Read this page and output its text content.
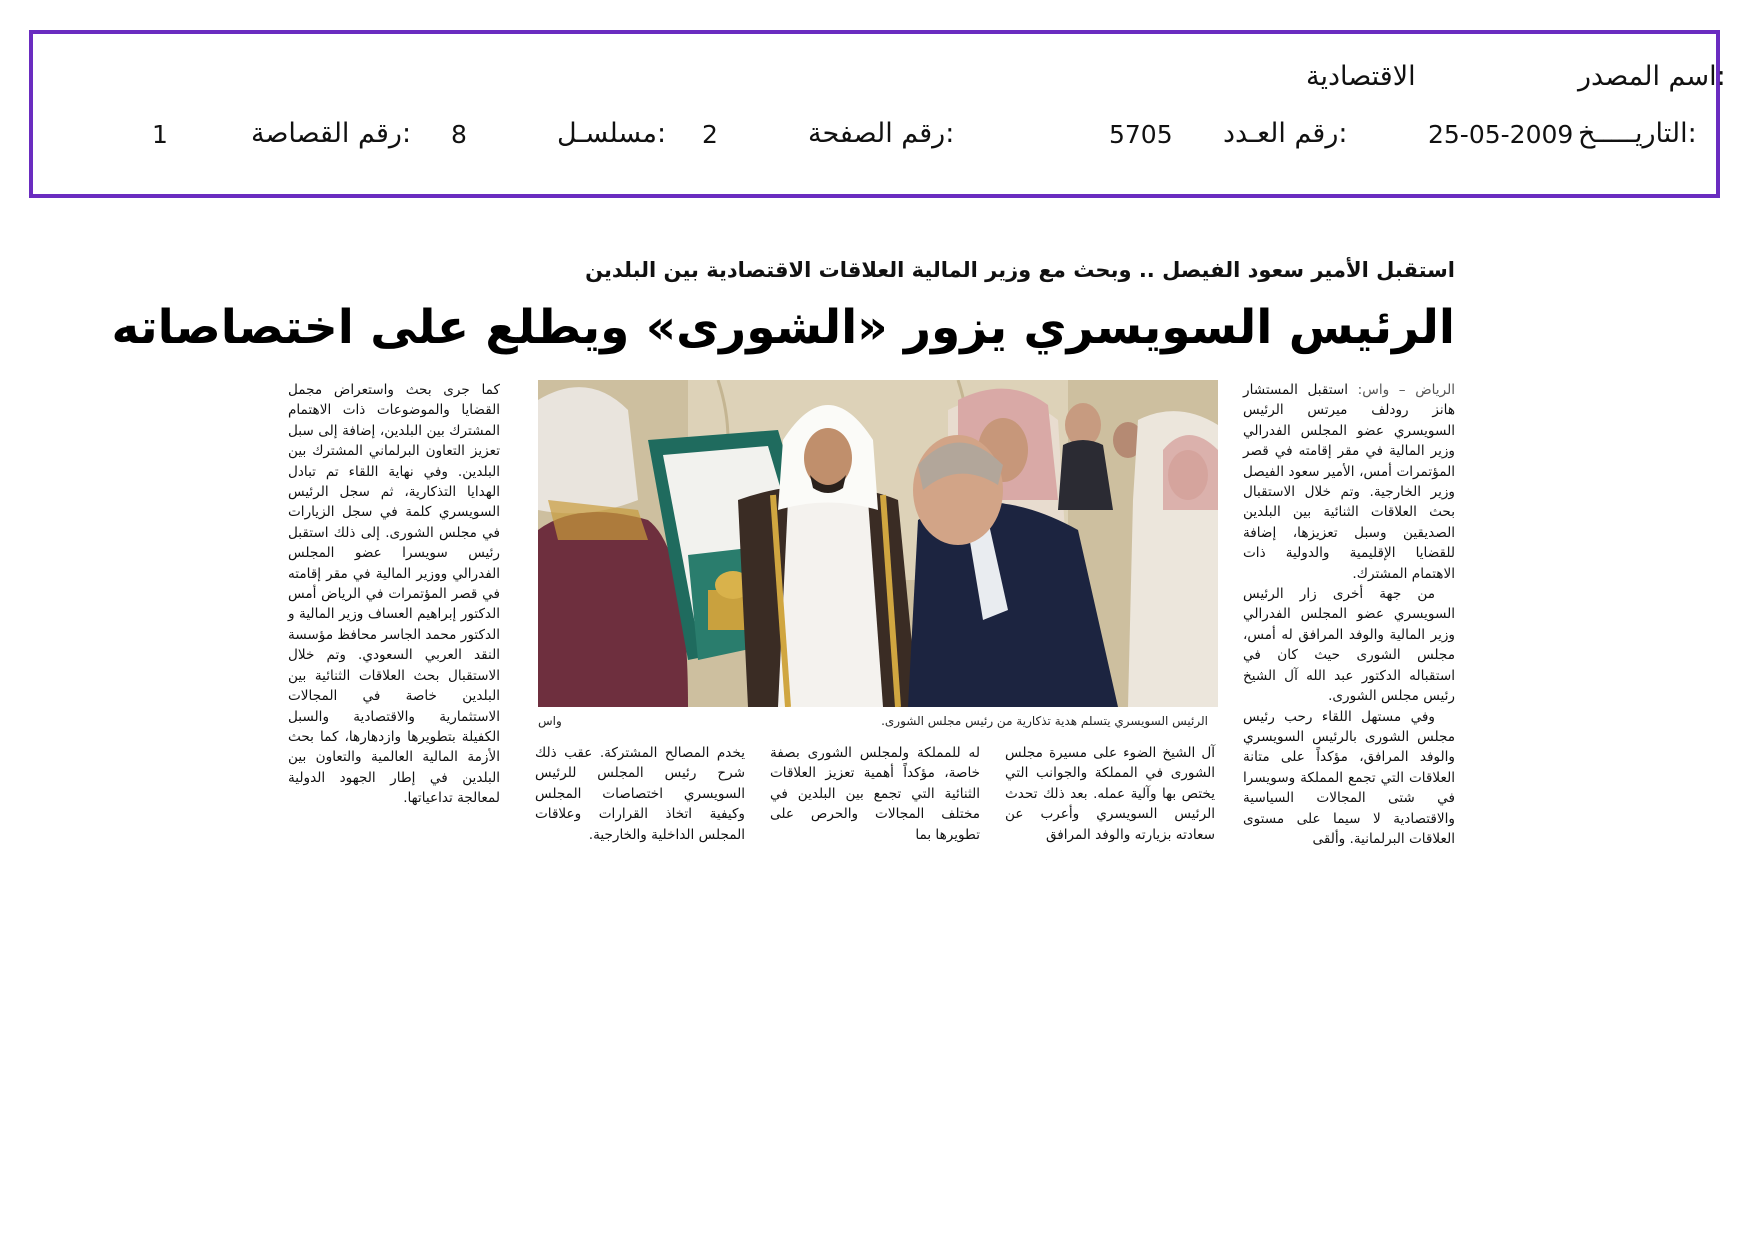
اسم المصدر:
الاقتصادية
التاريـــــخ:
25-05-2009
رقم العـدد:
5705
رقم الصفحة:
2
مسلسـل:
8
رقم القصاصة:
1
استقبل الأمير سعود الفيصل .. وبحث مع وزير المالية العلاقات الاقتصادية بين البلدين
الرئيس السويسري يزور «الشورى» ويطلع على اختصاصاته

الرياض – واس: استقبل المستشار هانز رودلف ميرتس الرئيس السويسري عضو المجلس الفدرالي وزير المالية في مقر إقامته في قصر المؤتمرات أمس، الأمير سعود الفيصل وزير الخارجية. وتم خلال الاستقبال بحث العلاقات الثنائية بين البلدين الصديقين وسبل تعزيزها، إضافة للقضايا الإقليمية والدولية ذات الاهتمام المشترك.

من جهة أخرى زار الرئيس السويسري عضو المجلس الفدرالي وزير المالية والوفد المرافق له أمس، مجلس الشورى حيث كان في استقباله الدكتور عبد الله آل الشيخ رئيس مجلس الشورى.

وفي مستهل اللقاء رحب رئيس مجلس الشورى بالرئيس السويسري والوفد المرافق، مؤكداً على متانة العلاقات التي تجمع المملكة وسويسرا في شتى المجالات السياسية والاقتصادية لا سيما على مستوى العلاقات البرلمانية. وألقى

الرئيس السويسري يتسلم هدية تذكارية من رئيس مجلس الشورى.
واس

آل الشيخ الضوء على مسيرة مجلس الشورى في المملكة والجوانب التي يختص بها وآلية عمله. بعد ذلك تحدث الرئيس السويسري وأعرب عن سعادته بزيارته والوفد المرافق

له للمملكة ولمجلس الشورى بصفة خاصة، مؤكداً أهمية تعزيز العلاقات الثنائية التي تجمع بين البلدين في مختلف المجالات والحرص على تطويرها بما

يخدم المصالح المشتركة. عقب ذلك شرح رئيس المجلس للرئيس السويسري اختصاصات المجلس وكيفية اتخاذ القرارات وعلاقات المجلس الداخلية والخارجية.

كما جرى بحث واستعراض مجمل القضايا والموضوعات ذات الاهتمام المشترك بين البلدين، إضافة إلى سبل تعزيز التعاون البرلماني المشترك بين البلدين. وفي نهاية اللقاء تم تبادل الهدايا التذكارية، ثم سجل الرئيس السويسري كلمة في سجل الزيارات في مجلس الشورى. إلى ذلك استقبل رئيس سويسرا عضو المجلس الفدرالي ووزير المالية في مقر إقامته في قصر المؤتمرات في الرياض أمس الدكتور إبراهيم العساف وزير المالية و الدكتور محمد الجاسر محافظ مؤسسة النقد العربي السعودي. وتم خلال الاستقبال بحث العلاقات الثنائية بين البلدين خاصة في المجالات الاستثمارية والاقتصادية والسبل الكفيلة بتطويرها وازدهارها، كما بحث الأزمة المالية العالمية والتعاون بين البلدين في إطار الجهود الدولية لمعالجة تداعياتها.
